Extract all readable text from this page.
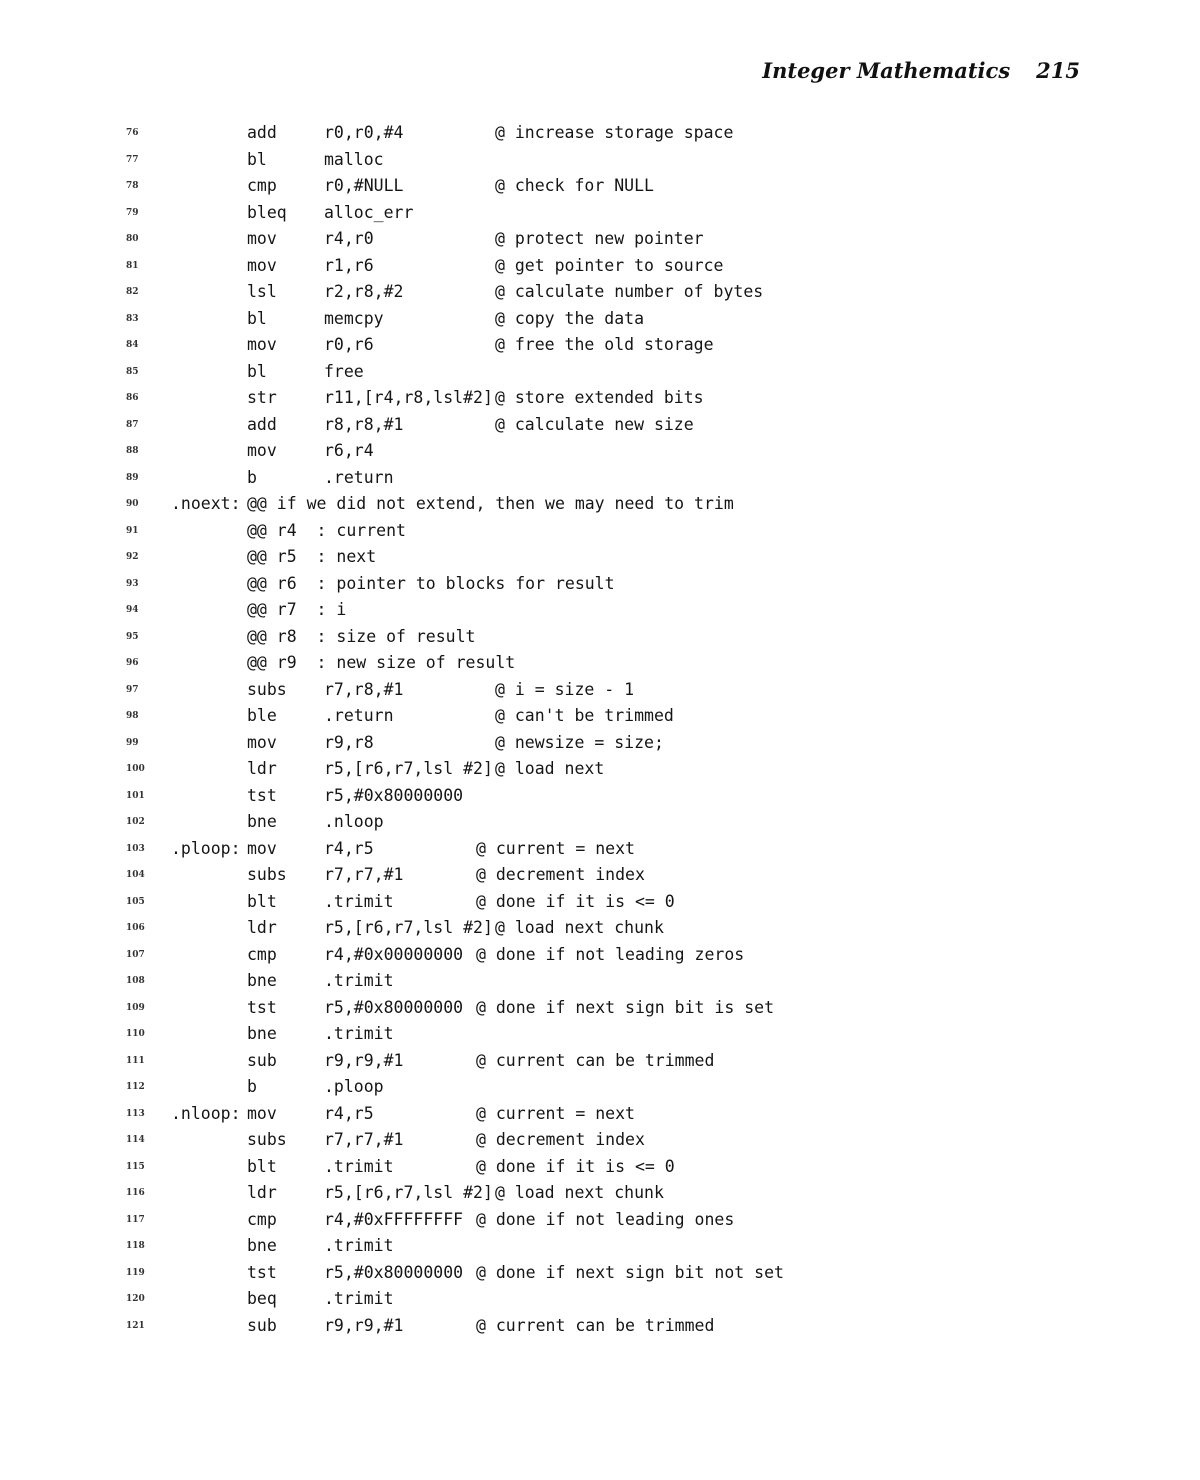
Integer Mathematics 215
76	add	r0,r0,#4	@ increase storage space
77	bl	malloc
78	cmp	r0,#NULL	@ check for NULL
79	bleq alloc_err
80	mov	r4,r0	@ protect new pointer
81	mov	r1,r6	@ get pointer to source
82	lsl	r2,r8,#2	@ calculate number of bytes
83	bl	memcpy	@ copy the data
84	mov	r0,r6	@ free the old storage
85	bl	free
86	str	r11,[r4,r8,lsl#2] @ store extended bits
87	add	r8,r8,#1	@ calculate new size
88	mov	r6,r4
89	b	.return
90	.noext: @@ if we did not extend, then we may need to trim
91	@@ r4  : current
92	@@ r5  : next
93	@@ r6  : pointer to blocks for result
94	@@ r7  : i
95	@@ r8  : size of result
96	@@ r9  : new size of result
97	subs r7,r8,#1	@ i = size - 1
98	ble	.return	@ can't be trimmed
99	mov	r9,r8	@ newsize = size;
100	ldr	r5,[r6,r7,lsl #2] @ load next
101	tst	r5,#0x80000000
102	bne	.nloop
103	.ploop: mov	r4,r5	@ current = next
104	subs r7,r7,#1	@ decrement index
105	blt	.trimit	@ done if it is <= 0
106	ldr	r5,[r6,r7,lsl #2] @ load next chunk
107	cmp	r4,#0x00000000 @ done if not leading zeros
108	bne	.trimit
109	tst	r5,#0x80000000 @ done if next sign bit is set
110	bne	.trimit
111	sub	r9,r9,#1	@ current can be trimmed
112	b	.ploop
113	.nloop: mov	r4,r5	@ current = next
114	subs r7,r7,#1	@ decrement index
115	blt	.trimit	@ done if it is <= 0
116	ldr	r5,[r6,r7,lsl #2] @ load next chunk
117	cmp	r4,#0xFFFFFFFF @ done if not leading ones
118	bne	.trimit
119	tst	r5,#0x80000000 @ done if next sign bit not set
120	beq	.trimit
121	sub	r9,r9,#1	@ current can be trimmed
